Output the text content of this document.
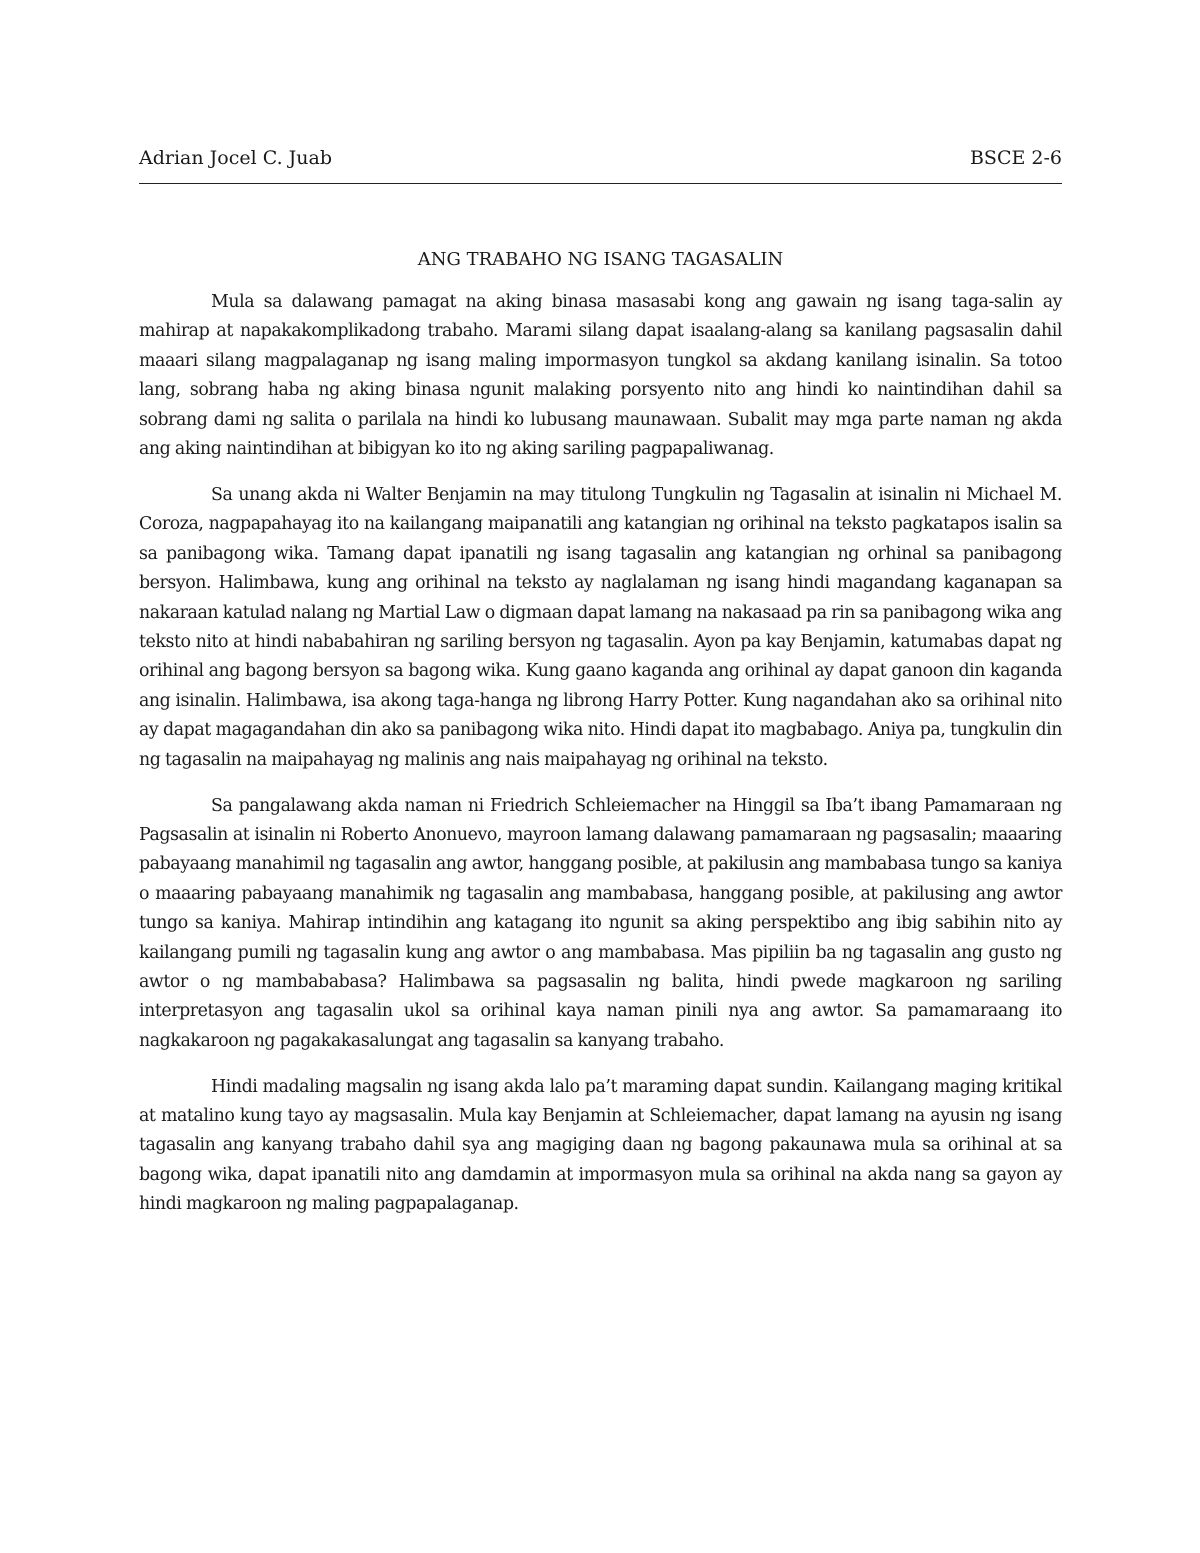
Adrian Jocel C. Juab	BSCE 2-6
ANG TRABAHO NG ISANG TAGASALIN

Mula sa dalawang pamagat na aking binasa masasabi kong ang gawain ng isang taga-salin ay mahirap at napakakomplikadong trabaho. Marami silang dapat isaalang-alang sa kanilang pagsasalin dahil maaari silang magpalaganap ng isang maling impormasyon tungkol sa akdang kanilang isinalin. Sa totoo lang, sobrang haba ng aking binasa ngunit malaking porsyento nito ang hindi ko naintindihan dahil sa sobrang dami ng salita o parilala na hindi ko lubusang maunawaan. Subalit may mga parte naman ng akda ang aking naintindihan at bibigyan ko ito ng aking sariling pagpapaliwanag.

Sa unang akda ni Walter Benjamin na may titulong Tungkulin ng Tagasalin at isinalin ni Michael M. Coroza, nagpapahayag ito na kailangang maipanatili ang katangian ng orihinal na teksto pagkatapos isalin sa sa panibagong wika. Tamang dapat ipanatili ng isang tagasalin ang katangian ng orhinal sa panibagong bersyon. Halimbawa, kung ang orihinal na teksto ay naglalaman ng isang hindi magandang kaganapan sa nakaraan katulad nalang ng Martial Law o digmaan dapat lamang na nakasaad pa rin sa panibagong wika ang teksto nito at hindi nababahiran ng sariling bersyon ng tagasalin. Ayon pa kay Benjamin, katumabas dapat ng orihinal ang bagong bersyon sa bagong wika. Kung gaano kaganda ang orihinal ay dapat ganoon din kaganda ang isinalin. Halimbawa, isa akong taga-hanga ng librong Harry Potter. Kung nagandahan ako sa orihinal nito ay dapat magagandahan din ako sa panibagong wika nito. Hindi dapat ito magbabago. Aniya pa, tungkulin din ng tagasalin na maipahayag ng malinis ang nais maipahayag ng orihinal na teksto.

Sa pangalawang akda naman ni Friedrich Schleiemacher na Hinggil sa Iba’t ibang Pamamaraan ng Pagsasalin at isinalin ni Roberto Anonuevo, mayroon lamang dalawang pamamaraan ng pagsasalin; maaaring pabayaang manahimil ng tagasalin ang awtor, hanggang posible, at pakilusin ang mambabasa tungo sa kaniya o maaaring pabayaang manahimik ng tagasalin ang mambabasa, hanggang posible, at pakilusing ang awtor tungo sa kaniya. Mahirap intindihin ang katagang ito ngunit sa aking perspektibo ang ibig sabihin nito ay kailangang pumili ng tagasalin kung ang awtor o ang mambabasa. Mas pipiliin ba ng tagasalin ang gusto ng awtor o ng mambababasa? Halimbawa sa pagsasalin ng balita, hindi pwede magkaroon ng sariling interpretasyon ang tagasalin ukol sa orihinal kaya naman pinili nya ang awtor. Sa pamamaraang ito nagkakaroon ng pagakakasalungat ang tagasalin sa kanyang trabaho.

Hindi madaling magsalin ng isang akda lalo pa’t maraming dapat sundin. Kailangang maging kritikal at matalino kung tayo ay magsasalin. Mula kay Benjamin at Schleiemacher, dapat lamang na ayusin ng isang tagasalin ang kanyang trabaho dahil sya ang magiging daan ng bagong pakaunawa mula sa orihinal at sa bagong wika, dapat ipanatili nito ang damdamin at impormasyon mula sa orihinal na akda nang sa gayon ay hindi magkaroon ng maling pagpapalaganap.
